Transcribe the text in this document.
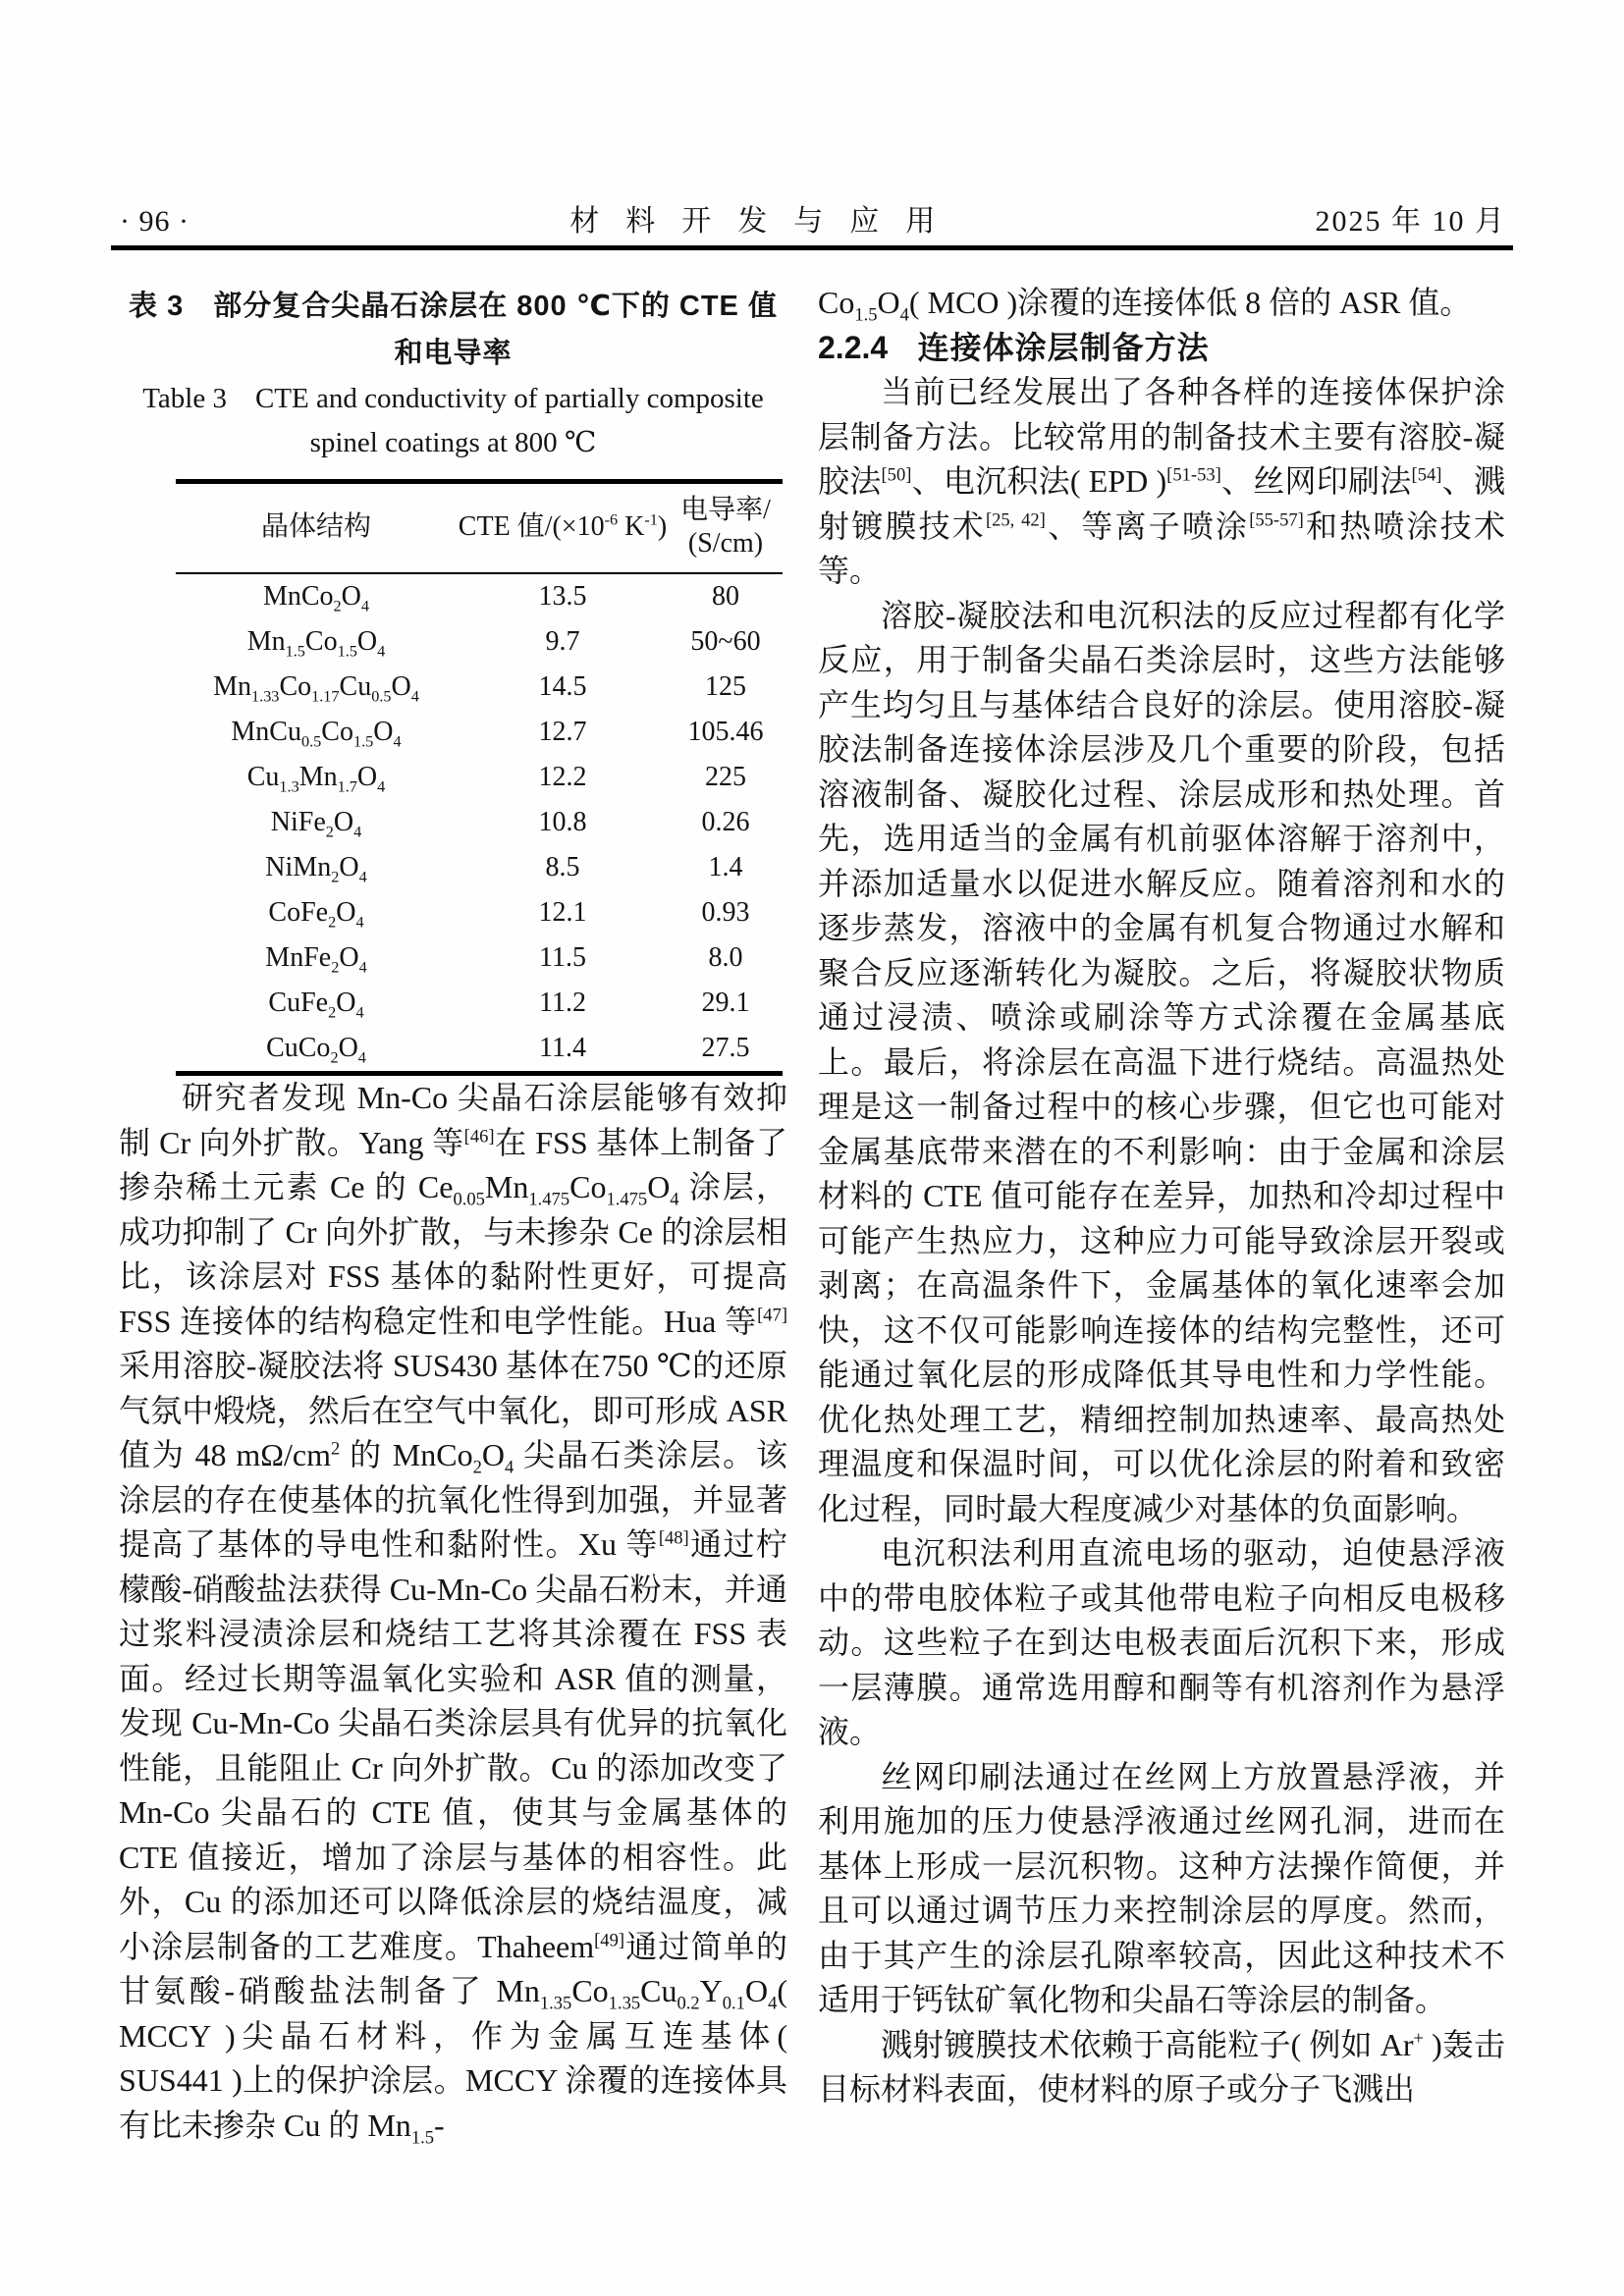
· 96 ·	材料开发与应用	2025 年 10 月
表 3　部分复合尖晶石涂层在 800 ℃下的 CTE 值和电导率
Table 3　CTE and conductivity of partially composite
spinel coatings at 800 ℃
晶体结构	CTE 值$/(\times 10^{-6}$ $K^{-1}$)	电导率/
(S/cm)

$MnCo_2O_4$	13.5	80
$Mn_{1.5}Co_{1.5}O_4$	9.7	50~60
$Mn_{1.33}Co_{1.17}Cu_{0.5}O_4$	14.5	125
$MnCu_{0.5}Co_{1.5}O_4$	12.7	105.46
$Cu_{1.3}Mn_{1.7}O_4$	12.2	225
$NiFe_2O_4$	10.8	0.26
$NiMn_2O_4$	8.5	1.4
$CoFe_2O_4$	12.1	0.93
$MnFe_2O_4$	11.5	8.0
$CuFe_2O_4$	11.2	29.1
$CuCo_2O_4$	11.4	27.5

研究者发现 Mn-Co 尖晶石涂层能够有效抑制 Cr 向外扩散。Yang 等[46]在 FSS 基体上制备了掺杂稀土元素 Ce 的 $Ce_{0.05}Mn_{1.475}Co_{1.475}O_4$ 涂层，成功抑制了 Cr 向外扩散，与未掺杂 Ce 的涂层相比，该涂层对 FSS 基体的黏附性更好，可提高 FSS 连接体的结构稳定性和电学性能。Hua 等[47]采用溶胶-凝胶法将 SUS430 基体在750 ℃的还原气氛中煅烧，然后在空气中氧化，即可形成 ASR 值为 48 $m\Omega/cm^2$ 的 $MnCo_2O_4$ 尖晶石类涂层。该涂层的存在使基体的抗氧化性得到加强，并显著提高了基体的导电性和黏附性。Xu 等[48]通过柠檬酸-硝酸盐法获得 Cu-Mn-Co 尖晶石粉末，并通过浆料浸渍涂层和烧结工艺将其涂覆在 FSS 表面。经过长期等温氧化实验和 ASR 值的测量，发现 Cu-Mn-Co 尖晶石类涂层具有优异的抗氧化性能，且能阻止 Cr 向外扩散。Cu 的添加改变了 Mn-Co 尖晶石的 CTE 值，使其与金属基体的 CTE 值接近，增加了涂层与基体的相容性。此外，Cu 的添加还可以降低涂层的烧结温度，减小涂层制备的工艺难度。Thaheem[49]通过简单的甘氨酸-硝酸盐法制备了 $Mn_{1.35}Co_{1.35}Cu_{0.2}Y_{0.1}O_4$( MCCY )尖晶石材料，作为金属互连基体( SUS441 )上的保护涂层。MCCY 涂覆的连接体具有比未掺杂 Cu 的 $Mn_{1.5}-$

$Co_{1.5}O_4$( MCO )涂覆的连接体低 8 倍的 ASR 值。

2.2.4 连接体涂层制备方法

当前已经发展出了各种各样的连接体保护涂层制备方法。比较常用的制备技术主要有溶胶-凝胶法[50]、电沉积法( EPD )[51-53]、丝网印刷法[54]、溅射镀膜技术[25, 42]、等离子喷涂[55-57]和热喷涂技术等。

溶胶-凝胶法和电沉积法的反应过程都有化学反应，用于制备尖晶石类涂层时，这些方法能够产生均匀且与基体结合良好的涂层。使用溶胶-凝胶法制备连接体涂层涉及几个重要的阶段，包括溶液制备、凝胶化过程、涂层成形和热处理。首先，选用适当的金属有机前驱体溶解于溶剂中，并添加适量水以促进水解反应。随着溶剂和水的逐步蒸发，溶液中的金属有机复合物通过水解和聚合反应逐渐转化为凝胶。之后，将凝胶状物质通过浸渍、喷涂或刷涂等方式涂覆在金属基底上。最后，将涂层在高温下进行烧结。高温热处理是这一制备过程中的核心步骤，但它也可能对金属基底带来潜在的不利影响：由于金属和涂层材料的 CTE 值可能存在差异，加热和冷却过程中可能产生热应力，这种应力可能导致涂层开裂或剥离；在高温条件下，金属基体的氧化速率会加快，这不仅可能影响连接体的结构完整性，还可能通过氧化层的形成降低其导电性和力学性能。优化热处理工艺，精细控制加热速率、最高热处理温度和保温时间，可以优化涂层的附着和致密化过程，同时最大程度减少对基体的负面影响。

电沉积法利用直流电场的驱动，迫使悬浮液中的带电胶体粒子或其他带电粒子向相反电极移动。这些粒子在到达电极表面后沉积下来，形成一层薄膜。通常选用醇和酮等有机溶剂作为悬浮液。

丝网印刷法通过在丝网上方放置悬浮液，并利用施加的压力使悬浮液通过丝网孔洞，进而在基体上形成一层沉积物。这种方法操作简便，并且可以通过调节压力来控制涂层的厚度。然而，由于其产生的涂层孔隙率较高，因此这种技术不适用于钙钛矿氧化物和尖晶石等涂层的制备。

溅射镀膜技术依赖于高能粒子( 例如 Ar+ )轰击目标材料表面，使材料的原子或分子飞溅出
